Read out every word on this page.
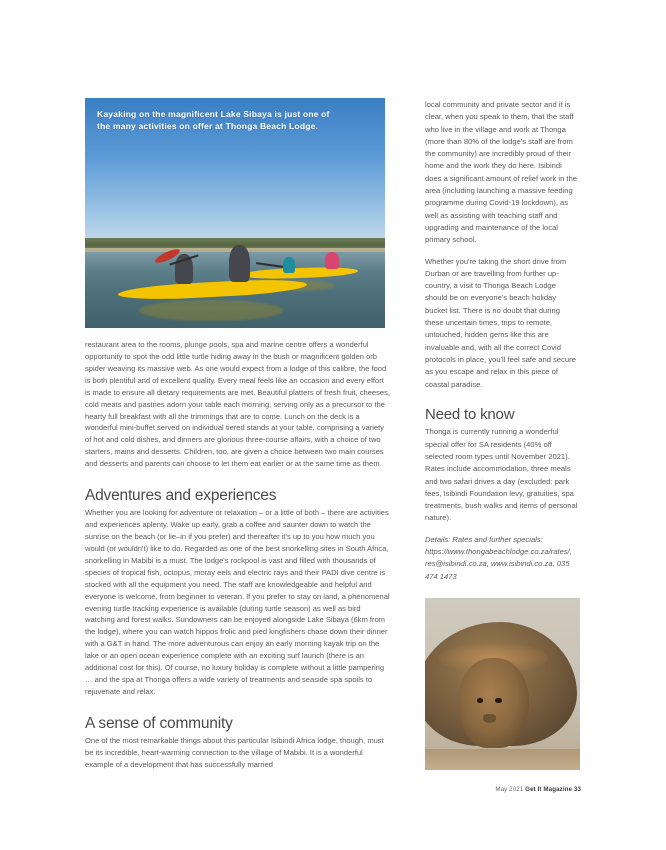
Kayaking on the magnificent Lake Sibaya is just one of the many activities on offer at Thonga Beach Lodge.

restaurant area to the rooms, plunge pools, spa and marine centre offers a wonderful opportunity to spot the odd little turtle hiding away in the bush or magnificent golden orb spider weaving its massive web. As one would expect from a lodge of this calibre, the food is both plentiful and of excellent quality. Every meal feels like an occasion and every effort is made to ensure all dietary requirements are met. Beautiful platters of fresh fruit, cheeses, cold meats and pastries adorn your table each morning, serving only as a precursor to the hearty full breakfast with all the trimmings that are to come. Lunch on the deck is a wonderful mini-buffet served on individual tiered stands at your table, comprising a variety of hot and cold dishes, and dinners are glorious three-course affairs, with a choice of two starters, mains and desserts. Children, too, are given a choice between two main courses and desserts and parents can choose to let them eat earlier or at the same time as them.

Adventures and experiences

Whether you are looking for adventure or relaxation – or a little of both – there are activities and experiences aplenty. Wake up early, grab a coffee and saunter down to watch the sunrise on the beach (or lie–in if you prefer) and thereafter it's up to you how much you would (or wouldn't) like to do. Regarded as one of the best snorkelling sites in South Africa, snorkelling in Mabibi is a must. The lodge's rockpool is vast and filled with thousands of species of tropical fish, octopus, moray eels and electric rays and their PADI dive centre is stocked with all the equipment you need. The staff are knowledgeable and helpful and everyone is welcome, from beginner to veteran. If you prefer to stay on land, a phenomenal evening turtle tracking experience is available (during turtle season) as well as bird watching and forest walks. Sundowners can be enjoyed alongside Lake Sibaya (6km from the lodge), where you can watch hippos frolic and pied kingfishers chase down their dinner with a G&T in hand. The more adventurous can enjoy an early morning kayak trip on the lake or an open ocean experience complete with an exciting surf launch (there is an additional cost for this). Of course, no luxury holiday is complete without a little pampering … and the spa at Thonga offers a wide variety of treatments and seaside spa spoils to rejuvenate and relax.

A sense of community

One of the most remarkable things about this particular Isibindi Africa lodge, though, must be its incredible, heart-warming connection to the village of Mabibi. It is a wonderful example of a development that has successfully married

local community and private sector and it is clear, when you speak to them, that the staff who live in the village and work at Thonga (more than 80% of the lodge's staff are from the community) are incredibly proud of their home and the work they do here. Isibindi does a significant amount of relief work in the area (including launching a massive feeding programme during Covid-19 lockdown), as well as assisting with teaching staff and upgrading and maintenance of the local primary school.

Whether you're taking the short drive from Durban or are travelling from further up-country, a visit to Thonga Beach Lodge should be on everyone's beach holiday bucket list. There is no doubt that during these uncertain times, trips to remote, untouched, hidden gems like this are invaluable and, with all the correct Covid protocols in place, you'll feel safe and secure as you escape and relax in this piece of coastal paradise.

Need to know

Thonga is currently running a wonderful special offer for SA residents (40% off selected room types until November 2021). Rates include accommodation, three meals and two safari drives a day (excluded: park fees, Isibindi Foundation levy, gratuities, spa treatments, bush walks and items of personal nature).

Details: Rates and further specials: https://www.thongabeachlodge.co.za/rates/, res@isibindi.co.za, www.isibindi.co.za, 035 474 1473

May 2021 Get It Magazine 33
